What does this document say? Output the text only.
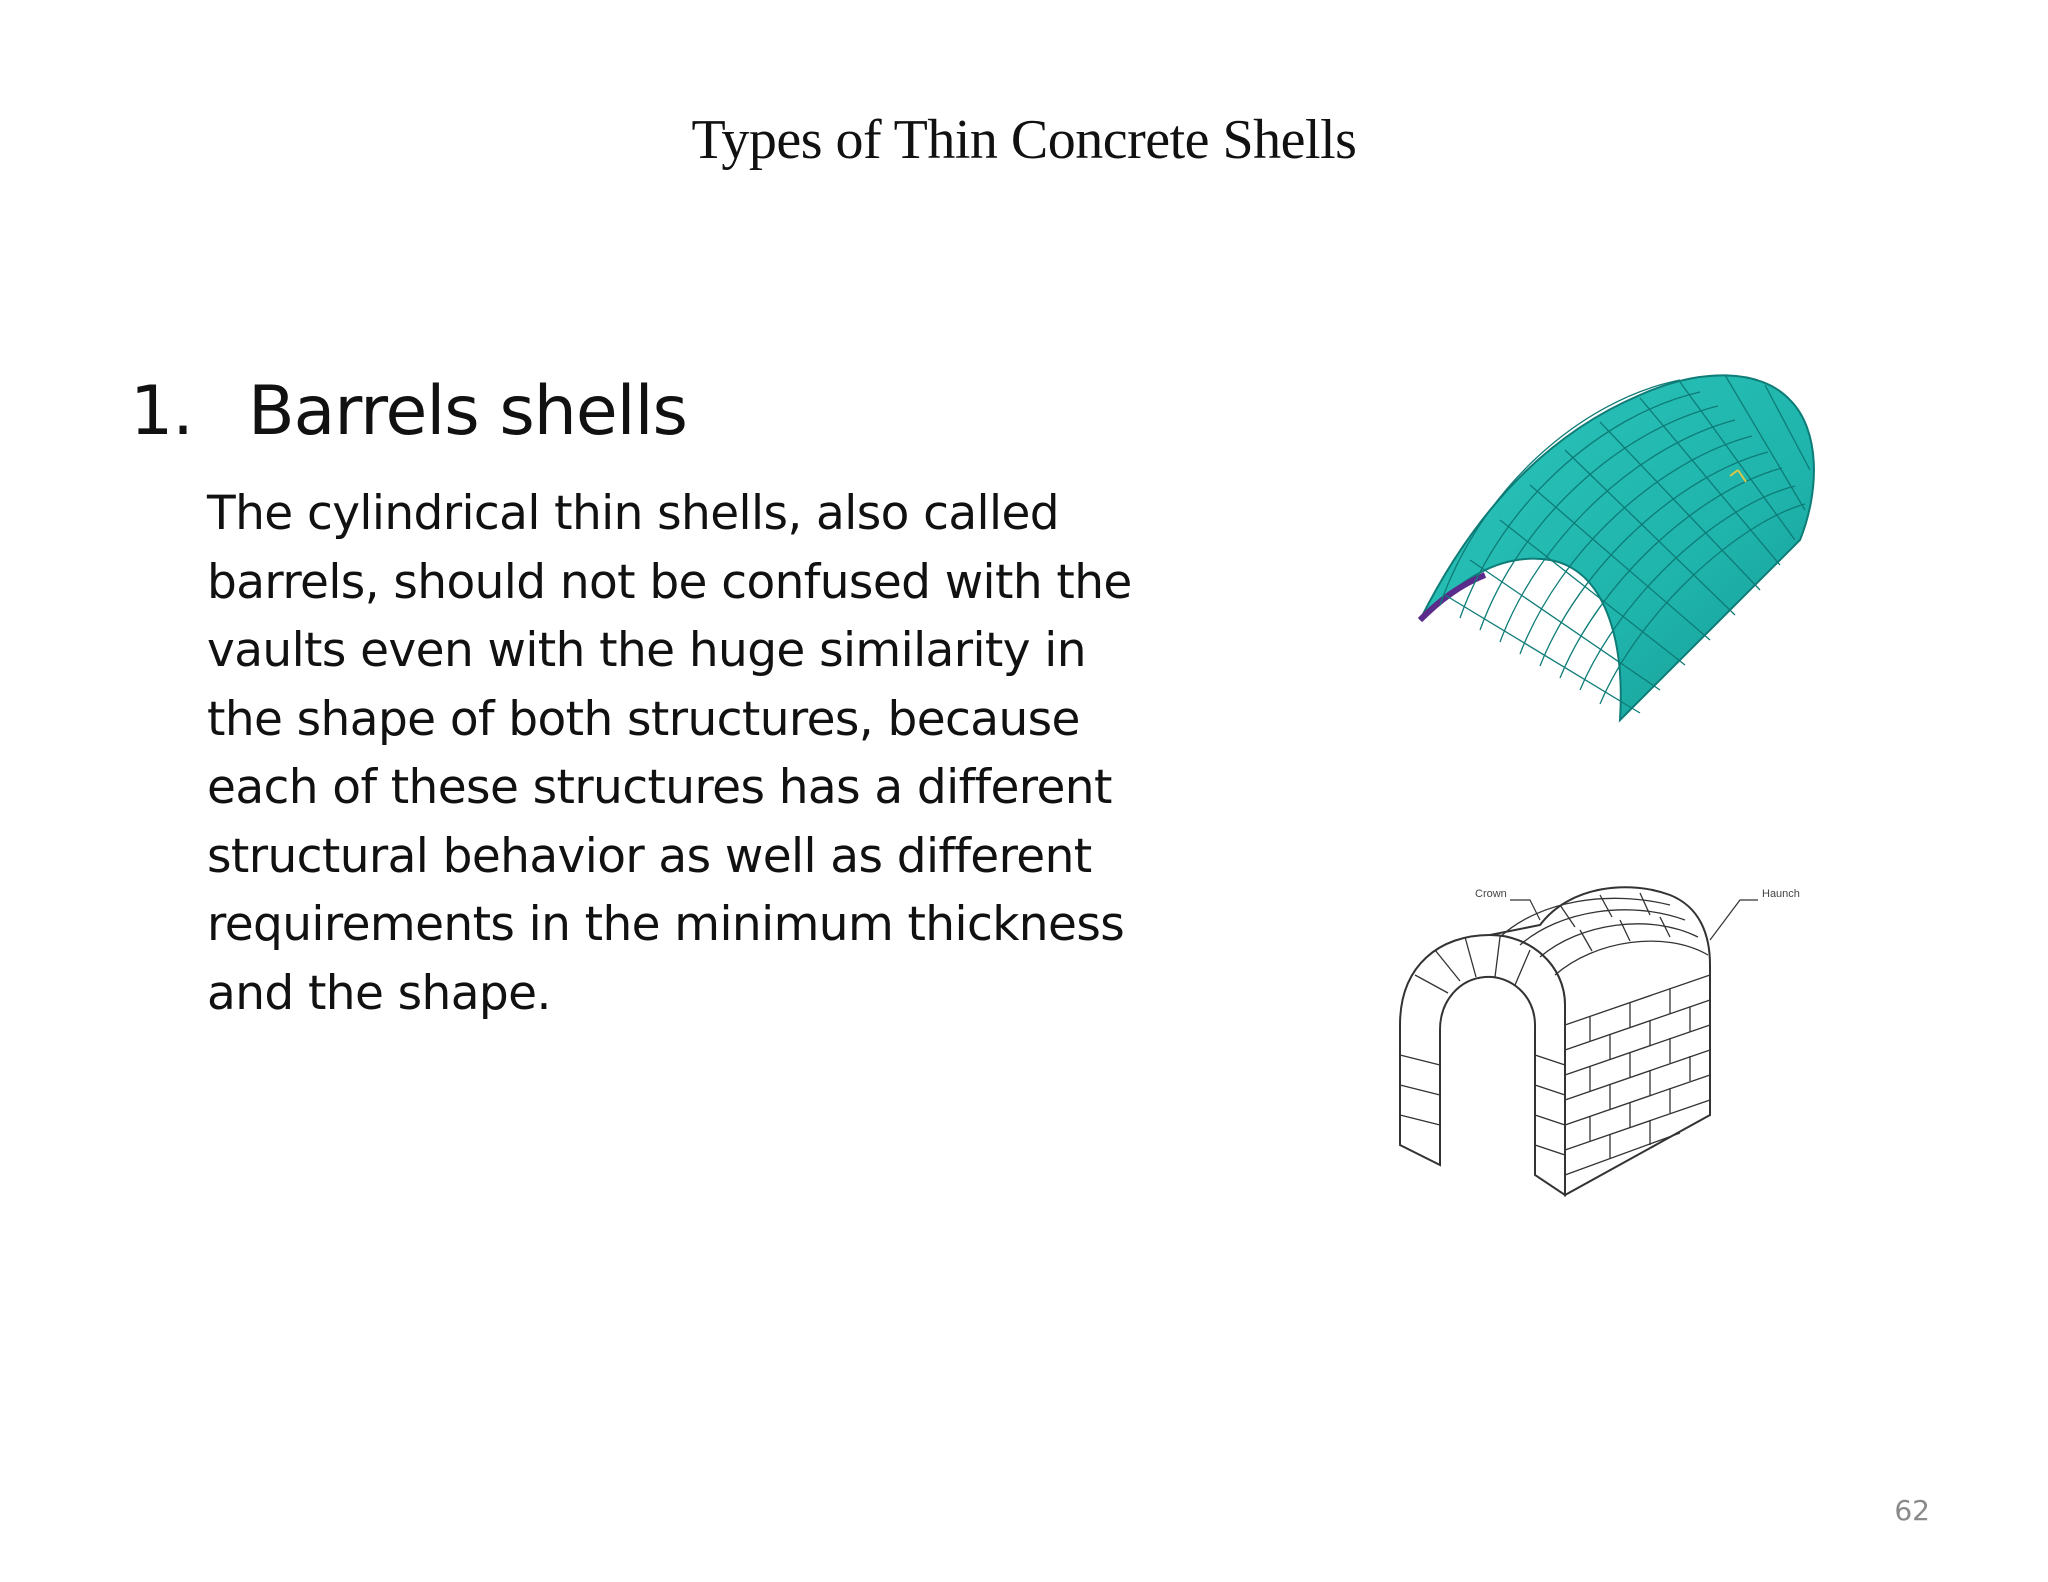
Types of Thin Concrete Shells
1. Barrels shells
The cylindrical thin shells, also called
barrels, should not be confused with the
vaults even with the huge similarity in
the shape of both structures, because
each of these structures has a different
structural behavior as well as different
requirements in the minimum thickness
and the shape.
Crown	Haunch
62
